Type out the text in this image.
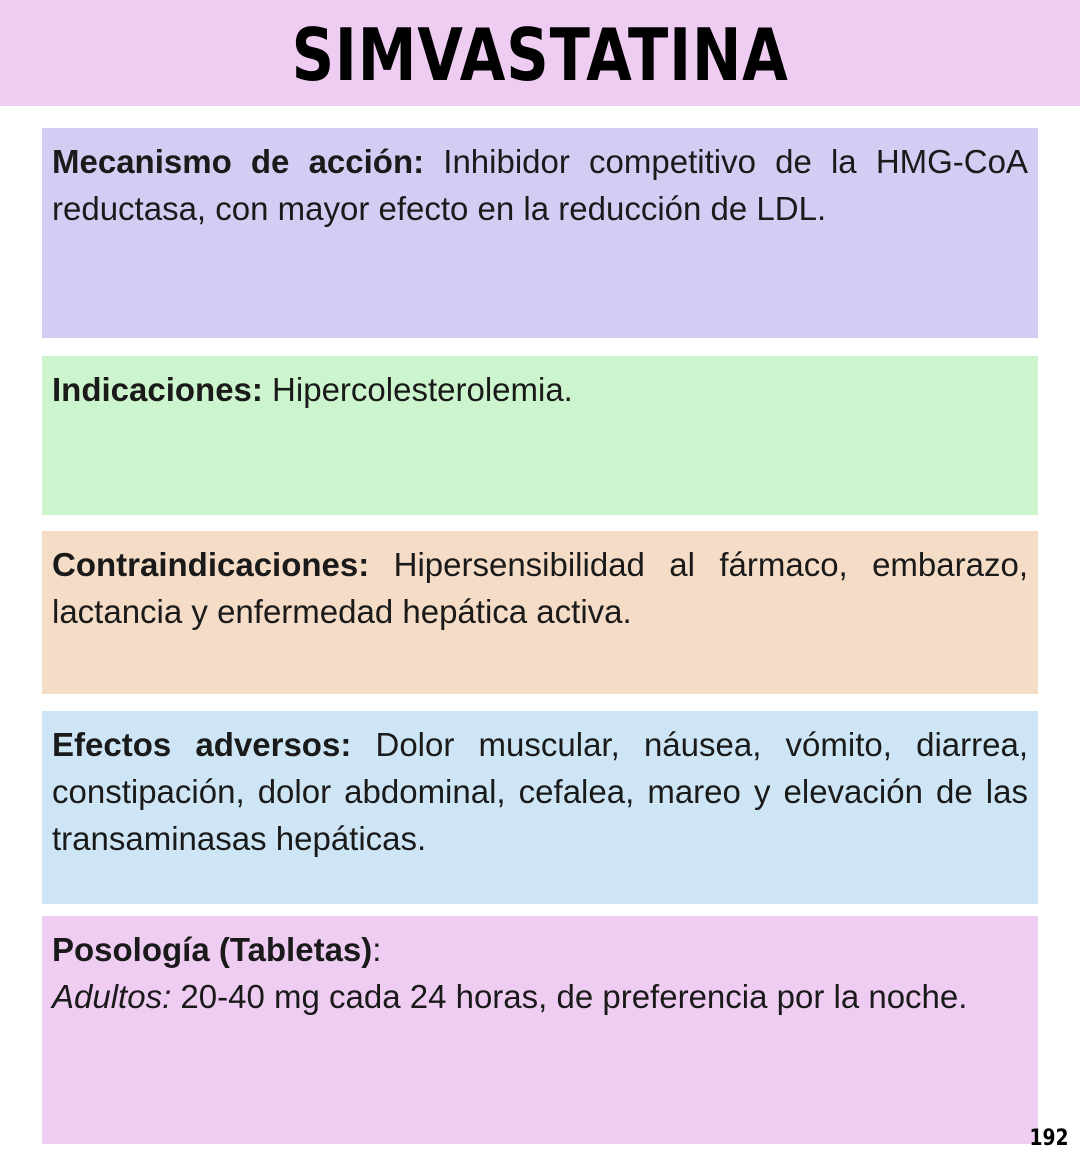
SIMVASTATINA

Mecanismo de acción: Inhibidor competitivo de la HMG-CoA reductasa, con mayor efecto en la reducción de LDL.

Indicaciones: Hipercolesterolemia.

Contraindicaciones: Hipersensibilidad al fármaco, embarazo, lactancia y enfermedad hepática activa.

Efectos adversos: Dolor muscular, náusea, vómito, diarrea, constipación, dolor abdominal, cefalea, mareo y elevación de las transaminasas hepáticas.

Posología (Tabletas):

Adultos: 20-40 mg cada 24 horas, de preferencia por la noche.

192
